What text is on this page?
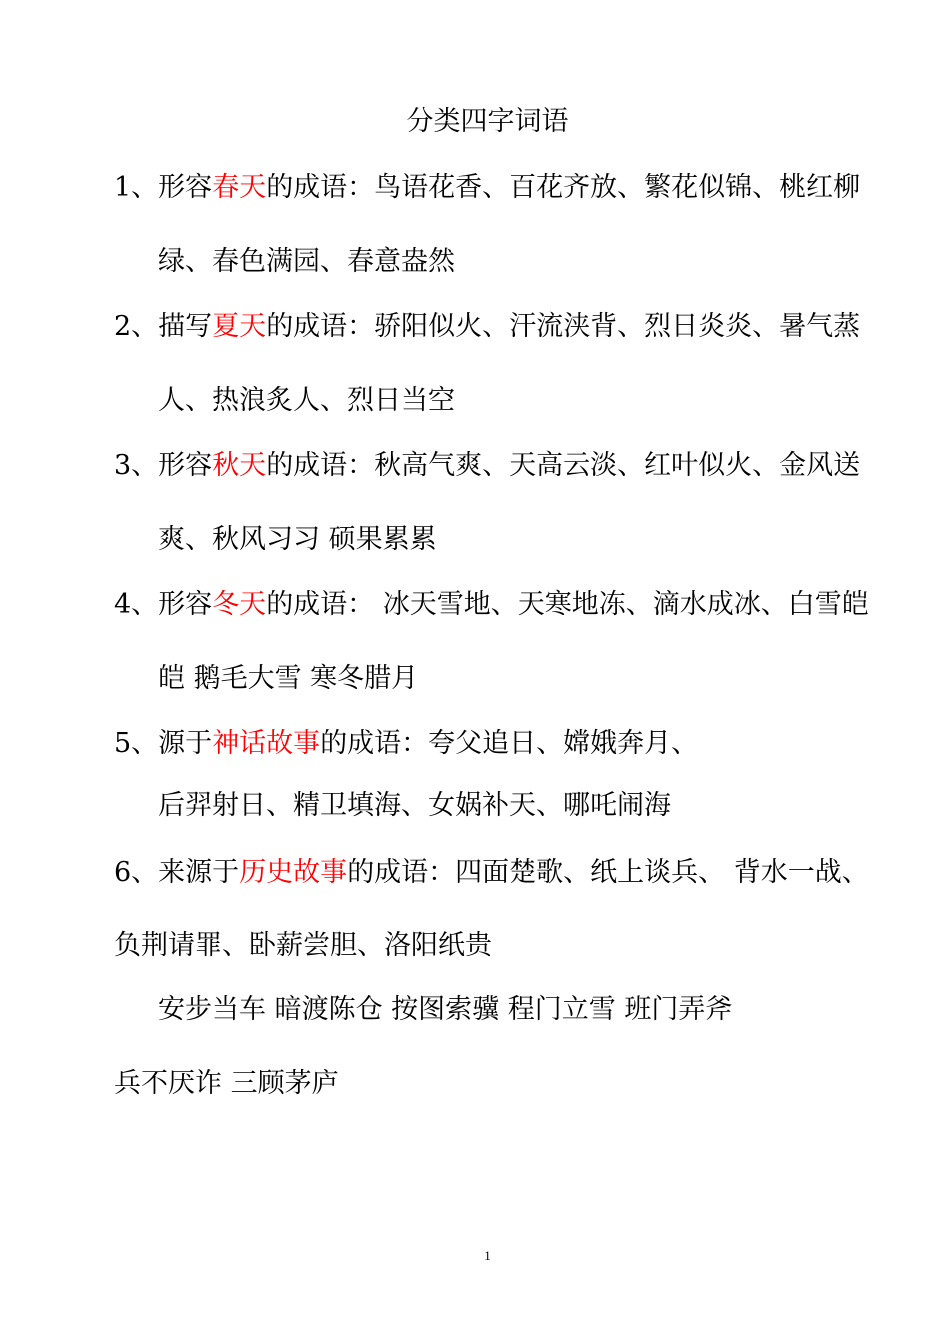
分类四字词语
1、形容春天的成语：鸟语花香、百花齐放、繁花似锦、桃红柳
绿、春色满园、春意盎然
2、描写夏天的成语：骄阳似火、汗流浃背、烈日炎炎、暑气蒸
人、热浪炙人、烈日当空
3、形容秋天的成语：秋高气爽、天高云淡、红叶似火、金风送
爽、秋风习习 硕果累累
4、形容冬天的成语： 冰天雪地、天寒地冻、滴水成冰、白雪皑
皑 鹅毛大雪 寒冬腊月
5、源于神话故事的成语：夸父追日、嫦娥奔月、
后羿射日、精卫填海、女娲补天、哪吒闹海
6、来源于历史故事的成语：四面楚歌、纸上谈兵、 背水一战、
负荆请罪、卧薪尝胆、洛阳纸贵
安步当车 暗渡陈仓 按图索骥 程门立雪 班门弄斧
兵不厌诈 三顾茅庐
1
